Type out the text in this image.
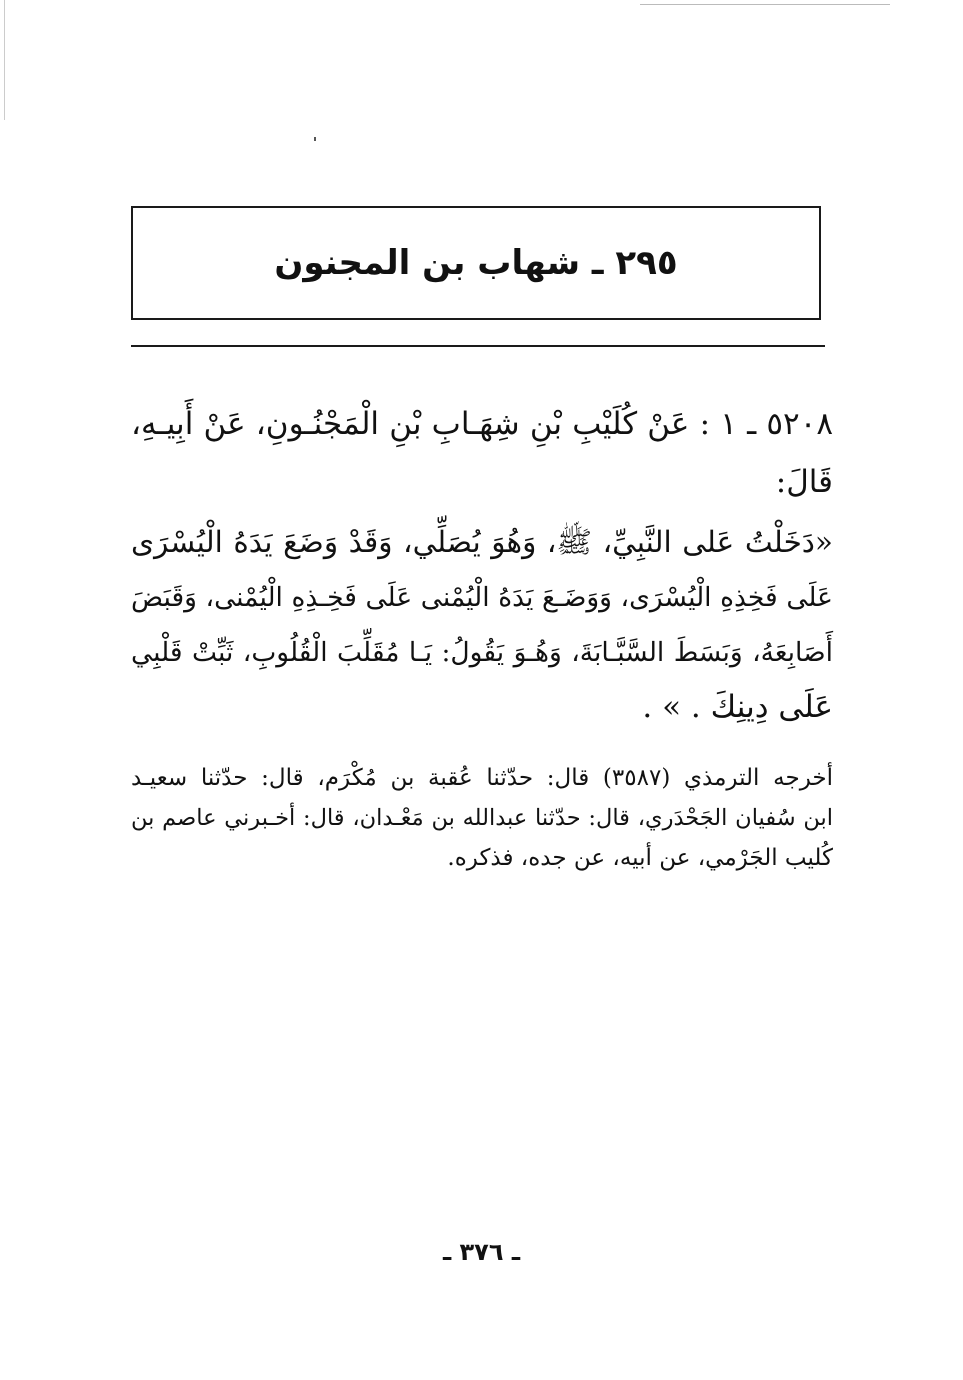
٢٩٥ ـ شهاب بن المجنون
٥٢٠٨ ـ ١ : عَنْ كُلَيْبِ بْنِ شِهَـابِ بْنِ الْمَجْنُـونِ، عَنْ أَبِيـهِ،
قَالَ:
«دَخَلْتُ عَلى النَّبِيِّ، ﷺ، وَهُوَ يُصَلِّي، وَقَدْ وَضَعَ يَدَهُ الْيُسْرَى
عَلَى فَخِذِهِ الْيُسْرَى، وَوَضَـعَ يَدَهُ الْيُمْنى عَلَى فَخِـذِهِ الْيُمْنى، وَقَبَضَ
أَصَابِعَهُ، وَبَسَطَ السَّبَّـابَةَ، وَهُـوَ يَقُولُ: يَـا مُقَلِّبَ الْقُلُوبِ، ثَبِّتْ قَلْبِي
عَلَى دِينِكَ . » .
أخرجه الترمذي (٣٥٨٧) قال: حدّثنا عُقبة بن مُكْرَم، قال: حدّثنا سعيـد
ابن سُفيان الجَحْدَري، قال: حدّثنا عبدالله بن مَعْـدان، قال: أخـبرني عاصم بن
كُليب الجَرْمي، عن أبيه، عن جده، فذكره.
ـ ٣٧٦ ـ
